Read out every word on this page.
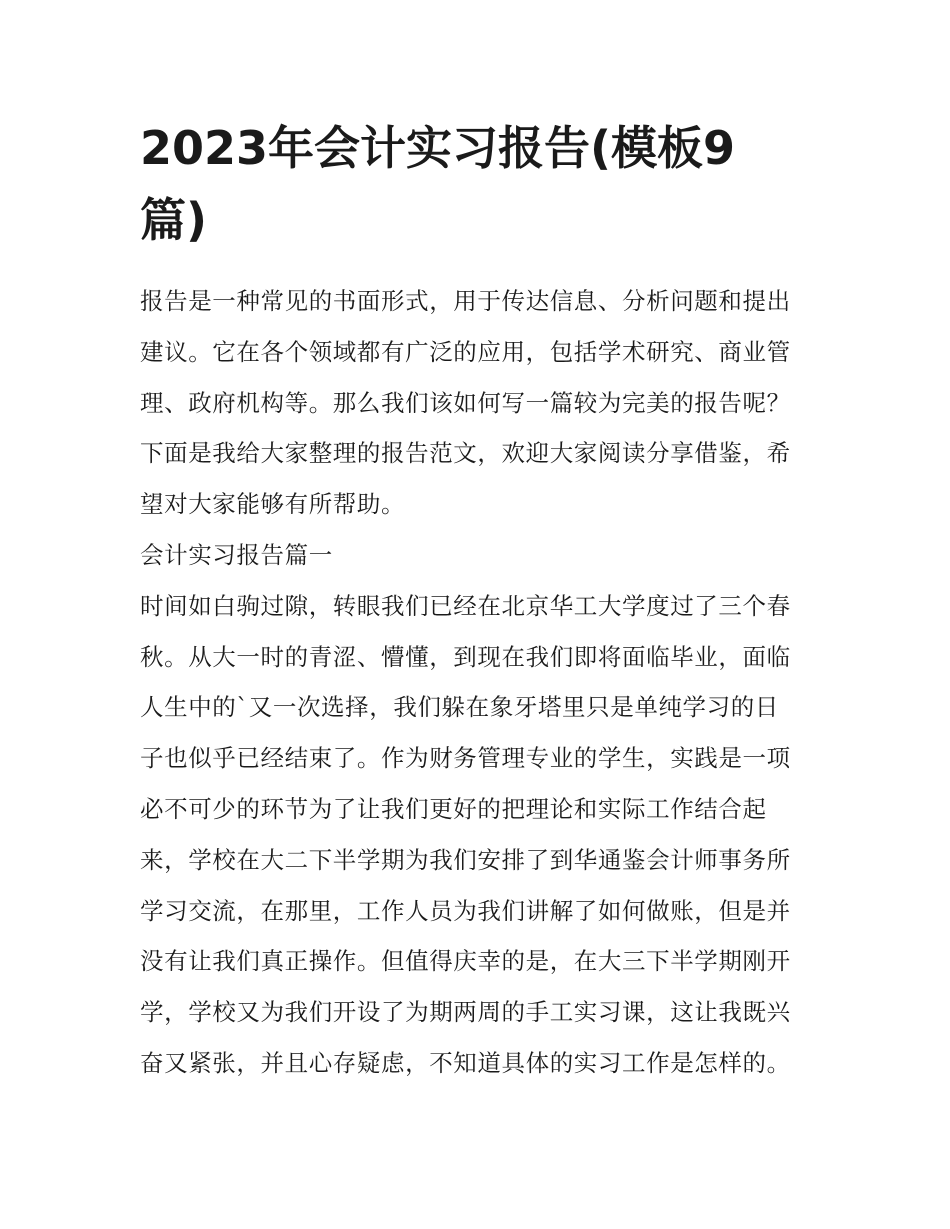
2023年会计实习报告(模板9
篇)
报告是一种常见的书面形式，用于传达信息、分析问题和提出
建议。它在各个领域都有广泛的应用，包括学术研究、商业管
理、政府机构等。那么我们该如何写一篇较为完美的报告呢？
下面是我给大家整理的报告范文，欢迎大家阅读分享借鉴，希
望对大家能够有所帮助。
会计实习报告篇一
时间如白驹过隙，转眼我们已经在北京华工大学度过了三个春
秋。从大一时的青涩、懵懂，到现在我们即将面临毕业，面临
人生中的`又一次选择，我们躲在象牙塔里只是单纯学习的日
子也似乎已经结束了。作为财务管理专业的学生，实践是一项
必不可少的环节为了让我们更好的把理论和实际工作结合起
来，学校在大二下半学期为我们安排了到华通鉴会计师事务所
学习交流，在那里，工作人员为我们讲解了如何做账，但是并
没有让我们真正操作。但值得庆幸的是，在大三下半学期刚开
学，学校又为我们开设了为期两周的手工实习课，这让我既兴
奋又紧张，并且心存疑虑，不知道具体的实习工作是怎样的。
